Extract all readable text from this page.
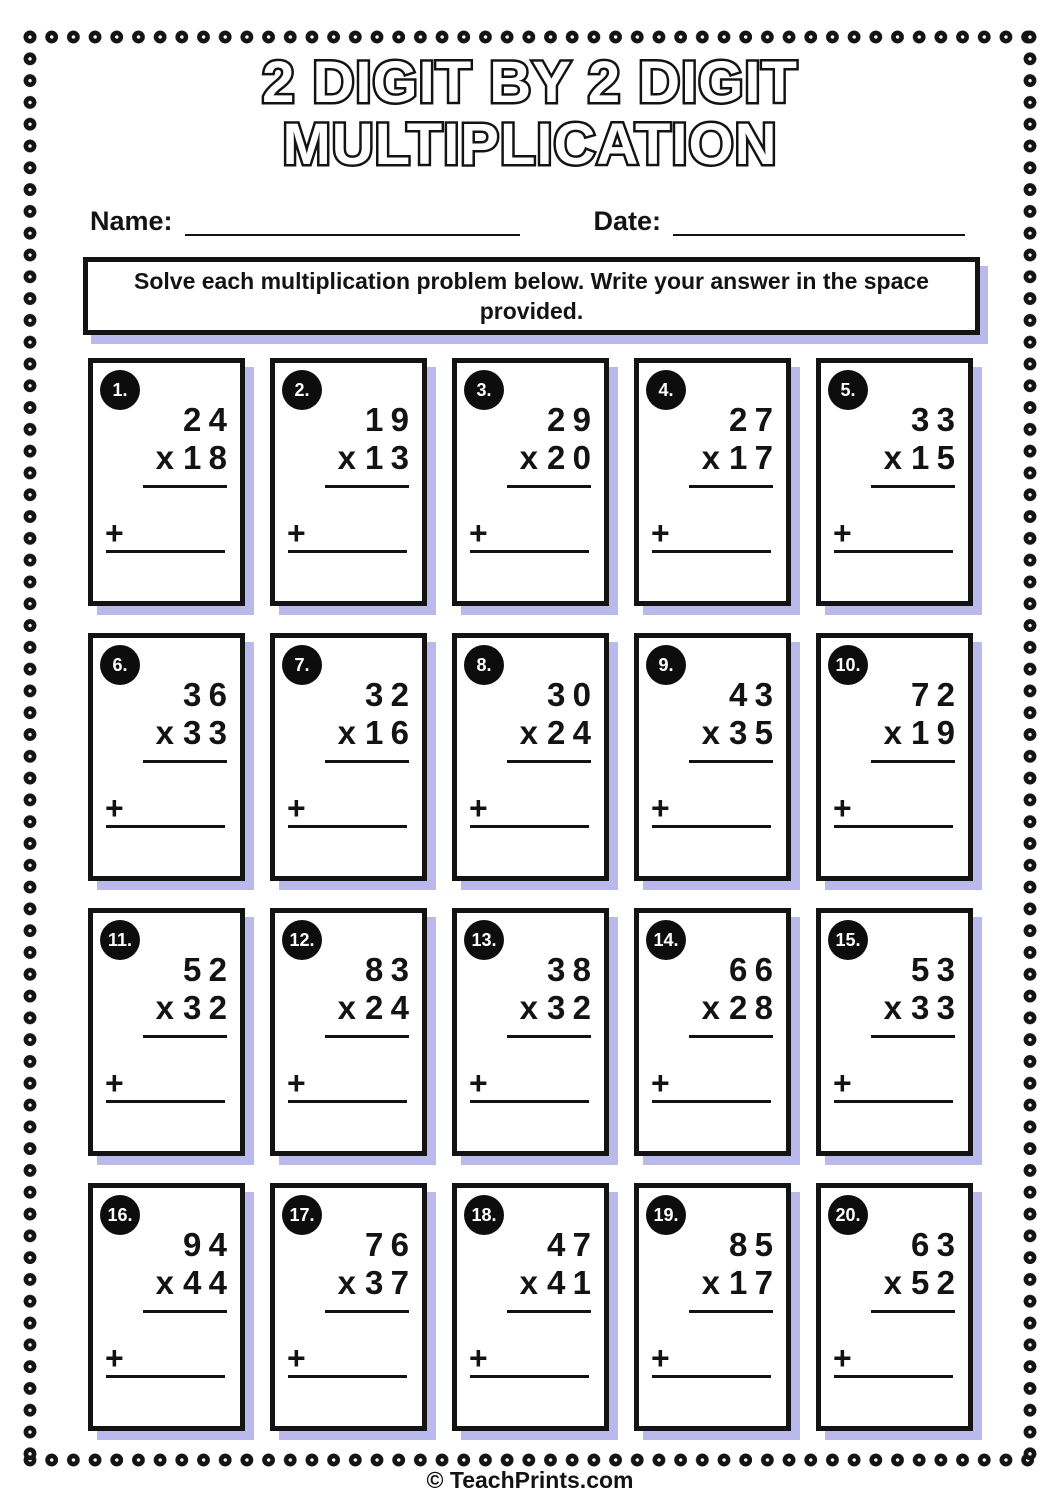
2 DIGIT BY 2 DIGIT
MULTIPLICATION
Name:	Date:

Solve each multiplication problem below. Write your answer in the space provided.

1.
24
x 18
+
2.
19
x 13
+
3.
29
x 20
+
4.
27
x 17
+
5.
33
x 15
+
6.
36
x 33
+
7.
32
x 16
+
8.
30
x 24
+
9.
43
x 35
+
10.
72
x 19
+
11.
52
x 32
+
12.
83
x 24
+
13.
38
x 32
+
14.
66
x 28
+
15.
53
x 33
+
16.
94
x 44
+
17.
76
x 37
+
18.
47
x 41
+
19.
85
x 17
+
20.
63
x 52
+
© TeachPrints.com
